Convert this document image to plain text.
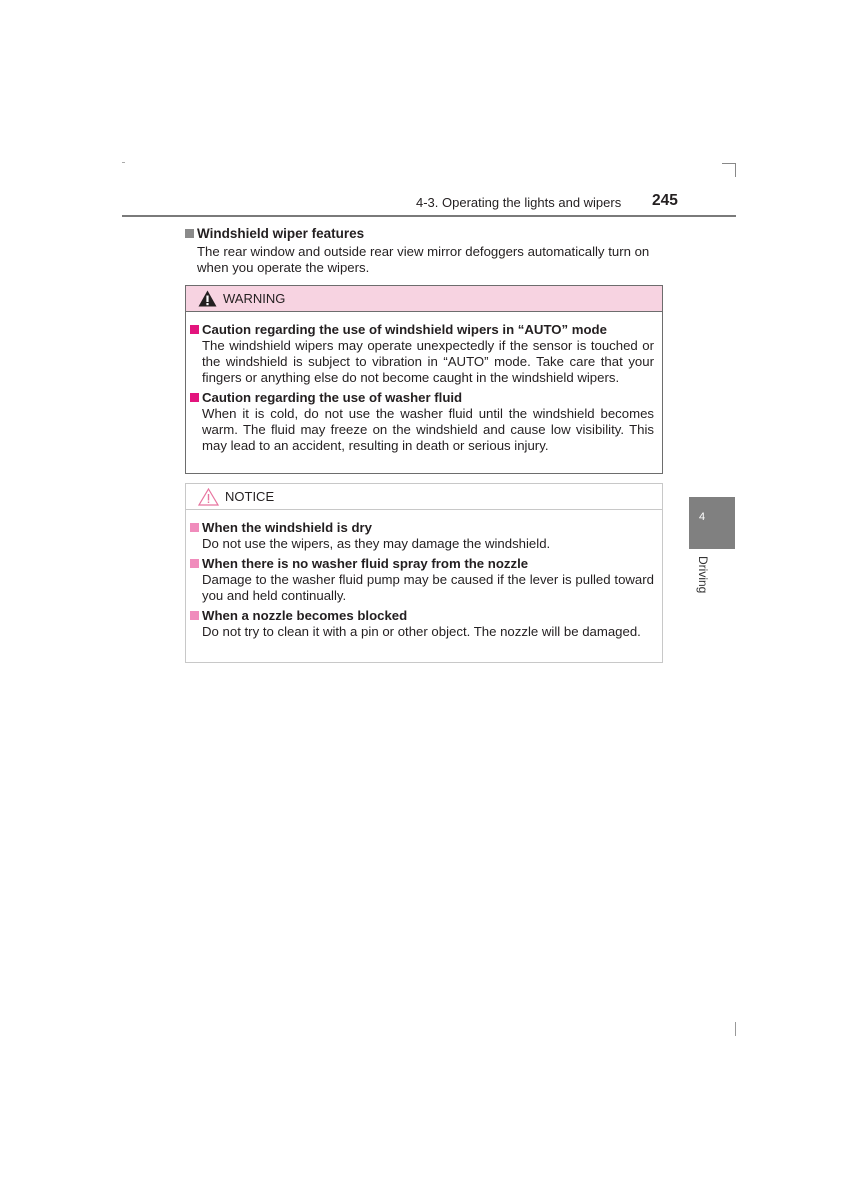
4-3. Operating the lights and wipers 245
Windshield wiper features
The rear window and outside rear view mirror defoggers automatically turn on when you operate the wipers.
WARNING
Caution regarding the use of windshield wipers in “AUTO” mode
The windshield wipers may operate unexpectedly if the sensor is touched or the windshield is subject to vibration in “AUTO” mode. Take care that your fingers or anything else do not become caught in the windshield wipers.
Caution regarding the use of washer fluid
When it is cold, do not use the washer fluid until the windshield becomes warm. The fluid may freeze on the windshield and cause low visibility. This may lead to an accident, resulting in death or serious injury.
NOTICE
When the windshield is dry
Do not use the wipers, as they may damage the windshield.
When there is no washer fluid spray from the nozzle
Damage to the washer fluid pump may be caused if the lever is pulled toward you and held continually.
When a nozzle becomes blocked
Do not try to clean it with a pin or other object. The nozzle will be damaged.
4
Driving
